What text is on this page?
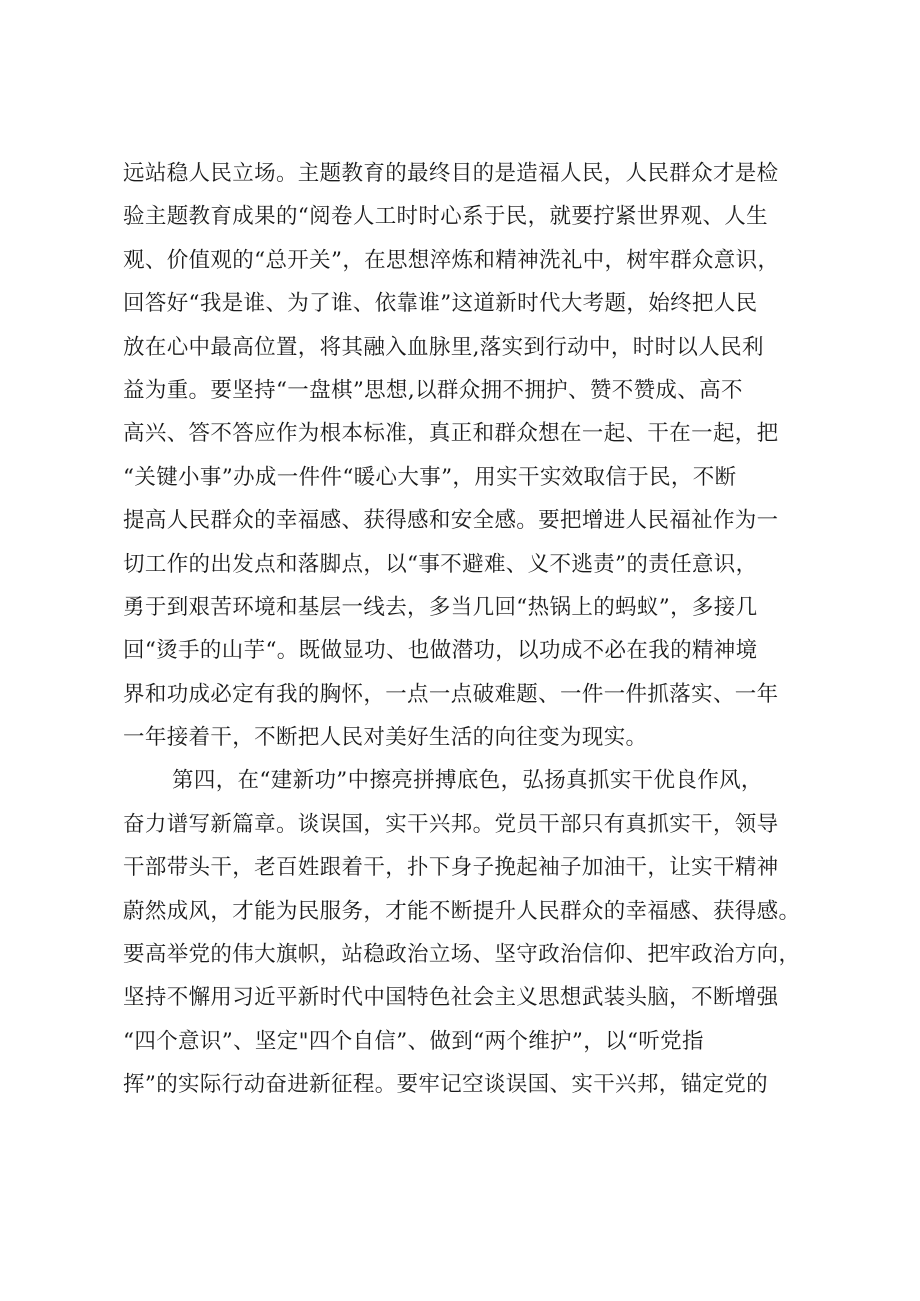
远站稳人民立场。主题教育的最终目的是造福人民，人民群众才是检
验主题教育成果的“阅卷人工时时心系于民，就要拧紧世界观、人生
观、价值观的“总开关”，在思想淬炼和精神洗礼中，树牢群众意识，
回答好“我是谁、为了谁、依靠谁”这道新时代大考题，始终把人民
放在心中最高位置，将其融入血脉里,落实到行动中，时时以人民利
益为重。要坚持“一盘棋”思想,以群众拥不拥护、赞不赞成、高不
高兴、答不答应作为根本标准，真正和群众想在一起、干在一起，把
“关键小事”办成一件件“暖心大事”，用实干实效取信于民，不断
提高人民群众的幸福感、获得感和安全感。要把增进人民福祉作为一
切工作的出发点和落脚点，以“事不避难、义不逃责”的责任意识，
勇于到艰苦环境和基层一线去，多当几回“热锅上的蚂蚁”，多接几
回“烫手的山芋“。既做显功、也做潜功，以功成不必在我的精神境
界和功成必定有我的胸怀，一点一点破难题、一件一件抓落实、一年
一年接着干，不断把人民对美好生活的向往变为现实。
第四，在“建新功”中擦亮拼搏底色，弘扬真抓实干优良作风，
奋力谱写新篇章。谈误国，实干兴邦。党员干部只有真抓实干，领导
干部带头干，老百姓跟着干，扑下身子挽起袖子加油干，让实干精神
蔚然成风，才能为民服务，才能不断提升人民群众的幸福感、获得感。
要高举党的伟大旗帜，站稳政治立场、坚守政治信仰、把牢政治方向，
坚持不懈用习近平新时代中国特色社会主义思想武装头脑，不断增强
“四个意识”、坚定"四个自信”、做到“两个维护”，以“听党指
挥”的实际行动奋进新征程。要牢记空谈误国、实干兴邦，锚定党的
